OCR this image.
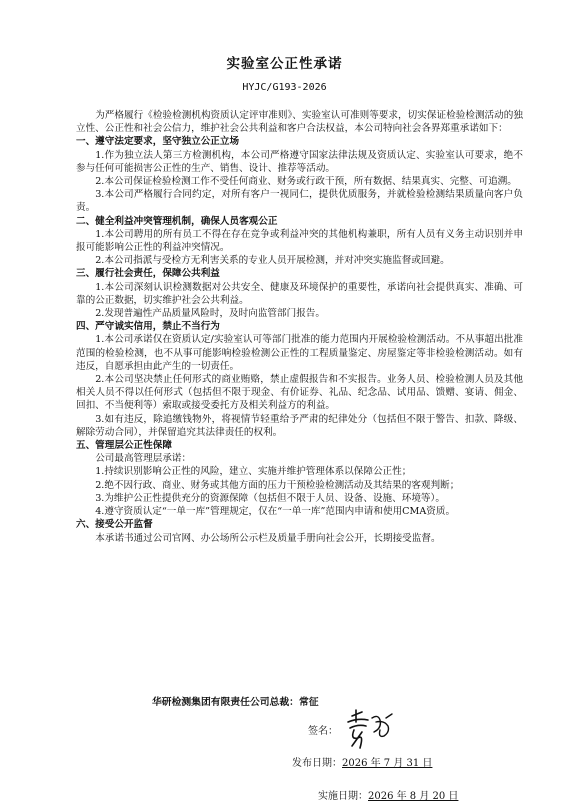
实验室公正性承诺
HYJC/G193-2026

为严格履行《检验检测机构资质认定评审准则》、实验室认可准则等要求，切实保证检验检测活动的独立性、公正性和社会公信力，维护社会公共利益和客户合法权益，本公司特向社会各界郑重承诺如下：

一、遵守法定要求，坚守独立公正立场

1.作为独立法人第三方检测机构，本公司严格遵守国家法律法规及资质认定、实验室认可要求，绝不参与任何可能损害公正性的生产、销售、设计、推荐等活动。

2.本公司保证检验检测工作不受任何商业、财务或行政干预，所有数据、结果真实、完整、可追溯。

3.本公司严格履行合同约定，对所有客户一视同仁，提供优质服务，并就检验检测结果质量向客户负责。

二、健全利益冲突管理机制，确保人员客观公正

1.本公司聘用的所有员工不得在存在竞争或利益冲突的其他机构兼职，所有人员有义务主动识别并申报可能影响公正性的利益冲突情况。

2.本公司指派与受检方无利害关系的专业人员开展检测，并对冲突实施监督或回避。

三、履行社会责任，保障公共利益

1.本公司深刻认识检测数据对公共安全、健康及环境保护的重要性，承诺向社会提供真实、准确、可靠的公正数据，切实维护社会公共利益。

2.发现普遍性产品质量风险时，及时向监管部门报告。

四、严守诚实信用，禁止不当行为

1.本公司承诺仅在资质认定/实验室认可等部门批准的能力范围内开展检验检测活动。不从事超出批准范围的检验检测，也不从事可能影响检验检测公正性的工程质量鉴定、房屋鉴定等非检验检测活动。如有违反，自愿承担由此产生的一切责任。

2.本公司坚决禁止任何形式的商业贿赂，禁止虚假报告和不实报告。业务人员、检验检测人员及其他相关人员不得以任何形式（包括但不限于现金、有价证券、礼品、纪念品、试用品、馈赠、宴请、佣金、回扣、不当便利等）索取或接受委托方及相关利益方的利益。

3.如有违反，除追缴钱物外，将视情节轻重给予严肃的纪律处分（包括但不限于警告、扣款、降级、解除劳动合同），并保留追究其法律责任的权利。

五、管理层公正性保障

公司最高管理层承诺：

1.持续识别影响公正性的风险，建立、实施并维护管理体系以保障公正性；

2.绝不因行政、商业、财务或其他方面的压力干预检验检测活动及其结果的客观判断；

3.为维护公正性提供充分的资源保障（包括但不限于人员、设备、设施、环境等）。

4.遵守资质认定“一单一库”管理规定，仅在“一单一库”范围内申请和使用CMA资质。

六、接受公开监督

本承诺书通过公司官网、办公场所公示栏及质量手册向社会公开，长期接受监督。

华研检测集团有限责任公司总裁：常征
签名：
发布日期：2026 年 7 月 31 日
实施日期：2026 年 8 月 20 日
